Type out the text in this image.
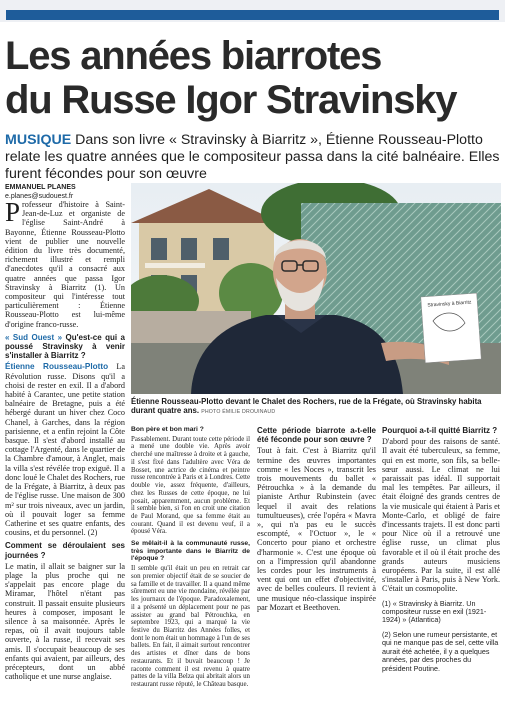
Les années biarrotes
du Russe Igor Stravinsky
MUSIQUE Dans son livre « Stravinsky à Biarritz », Étienne Rousseau-Plotto relate les quatre années que le compositeur passa dans la cité balnéaire. Elles furent fécondes pour son œuvre
EMMANUEL PLANES
e.planes@sudouest.fr

Professeur d'histoire à Saint-Jean-de-Luz et organiste de l'église Saint-André à Bayonne, Étienne Rousseau-Plotto vient de publier une nouvelle édition du livre très documenté, richement illustré et rempli d'anecdotes qu'il a consacré aux quatre années que passa Igor Stravinsky à Biarritz (1). Un compositeur qui l'intéresse tout particulièrement : Étienne Rousseau-Plotto est lui-même d'origine franco-russe.

« Sud Ouest » Qu'est-ce qui a poussé Stravinsky à venir s'installer à Biarritz ?

Étienne Rousseau-Plotto La Révolution russe. Disons qu'il a choisi de rester en exil. Il a d'abord habité à Carantec, une petite station balnéaire de Bretagne, puis a été hébergé durant un hiver chez Coco Chanel, à Garches, dans la région parisienne, et a enfin rejoint la Côte basque. Il s'est d'abord installé au cottage l'Argenté, dans le quartier de la Chambre d'amour, à Anglet, mais la villa s'est révélée trop exiguë. Il a donc loué le Chalet des Rochers, rue de la Frégate, à Biarritz, à deux pas de l'église russe. Une maison de 300 m² sur trois niveaux, avec un jardin, où il pouvait loger sa femme Catherine et ses quatre enfants, des cousins, et du personnel. (2)

Comment se déroulaient ses journées ?

Le matin, il allait se baigner sur la plage la plus proche qui ne s'appelait pas encore plage du Miramar, l'hôtel n'étant pas construit. Il passait ensuite plusieurs heures à composer, imposant le silence à sa maisonnée. Après le repas, où il avait toujours table ouverte, à la russe, il recevait ses amis. Il s'occupait beaucoup de ses enfants qui avaient, par ailleurs, des précepteurs, dont un abbé catholique et une nurse anglaise.

Stravinsky à Biarritz
Étienne Rousseau-Plotto devant le Chalet des Rochers, rue de la Frégate, où Stravinsky habita durant quatre ans. PHOTO ÉMILIE DROUINAUD

Bon père et bon mari ?

Passablement. Durant toute cette période il a mené une double vie. Après avoir cherché une maîtresse à droite et à gauche, il s'est fixé dans l'adultère avec Véra de Bosset, une actrice de cinéma et peintre russe rencontrée à Paris et à Londres. Cette double vie, assez fréquente, d'ailleurs, chez les Russes de cette époque, ne lui posait, apparemment, aucun problème. Et il semble bien, si l'on en croit une citation de Paul Morand, que sa femme était au courant. Quand il est devenu veuf, il a épousé Véra.

Se mêlait-il à la communauté russe, très importante dans le Biarritz de l'époque ?

Il semble qu'il était un peu en retrait car son premier objectif était de se soucier de sa famille et de travailler. Il a quand même sûrement eu une vie mondaine, révélée par les journaux de l'époque. Paradoxalement, il a présenté un déplacement pour ne pas assister au grand bal Pétrouchka, en septembre 1923, qui a marqué la vie festive du Biarritz des Années folles, et dont le nom était un hommage à l'un de ses ballets. En fait, il aimait surtout rencontrer des artistes et dîner dans de bons restaurants. Et il buvait beaucoup ! Je raconte comment il est revenu à quatre pattes de la villa Belza qui abritait alors un restaurant russe réputé, le Château basque.

Cette période biarrote a-t-elle été féconde pour son œuvre ?

Tout à fait. C'est à Biarritz qu'il termine des œuvres importantes comme « les Noces », transcrit les trois mouvements du ballet « Pétrouchka » à la demande du pianiste Arthur Rubinstein (avec lequel il avait des relations tumultueuses), crée l'opéra « Mavra », qui n'a pas eu le succès escompté, « l'Octuor », le « Concerto pour piano et orchestre d'harmonie ». C'est une époque où on a l'impression qu'il abandonne les cordes pour les instruments à vent qui ont un effet d'objectivité, avec de belles couleurs. Il revient à une musique néo-classique inspirée par Mozart et Beethoven.

Pourquoi a-t-il quitté Biarritz ?

D'abord pour des raisons de santé. Il avait été tuberculeux, sa femme, qui en est morte, son fils, sa belle-sœur aussi. Le climat ne lui paraissait pas idéal. Il supportait mal les tempêtes. Par ailleurs, il était éloigné des grands centres de la vie musicale qui étaient à Paris et Monte-Carlo, et obligé de faire d'incessants trajets. Il est donc parti pour Nice où il a retrouvé une église russe, un climat plus favorable et il où il était proche des grands auteurs musiciens européens. Par la suite, il est allé s'installer à Paris, puis à New York. C'était un cosmopolite.

(1) « Stravinsky à Biarritz. Un compositeur russe en exil (1921-1924) » (Atlantica)

(2) Selon une rumeur persistante, et qui ne manque pas de sel, cette villa aurait été achetée, il y a quelques années, par des proches du président Poutine.
